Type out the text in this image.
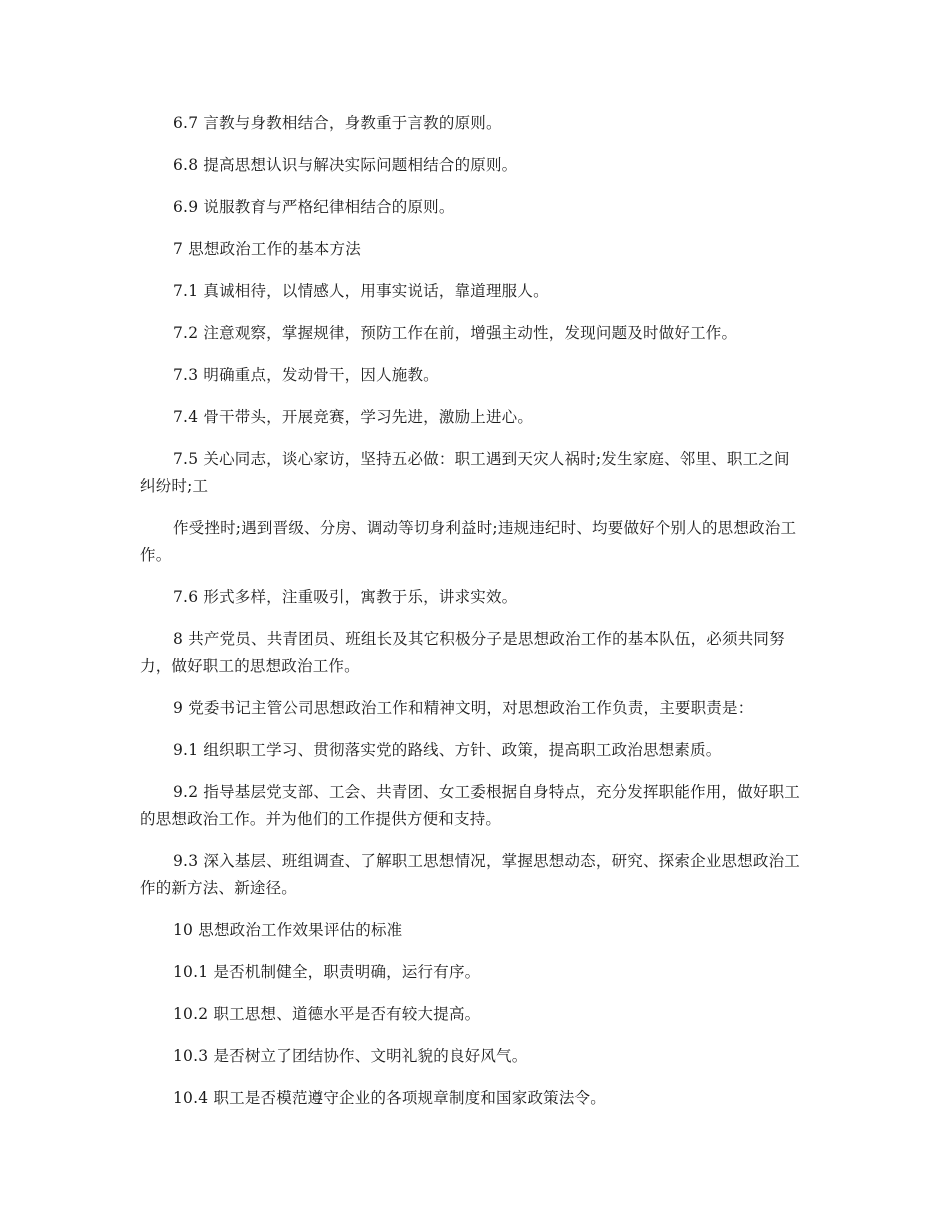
6.7 言教与身教相结合，身教重于言教的原则。

6.8 提高思想认识与解决实际问题相结合的原则。

6.9 说服教育与严格纪律相结合的原则。

7 思想政治工作的基本方法

7.1 真诚相待，以情感人，用事实说话，靠道理服人。

7.2 注意观察，掌握规律，预防工作在前，增强主动性，发现问题及时做好工作。

7.3 明确重点，发动骨干，因人施教。

7.4 骨干带头，开展竞赛，学习先进，激励上进心。

7.5 关心同志，谈心家访，坚持五必做：职工遇到天灾人祸时;发生家庭、邻里、职工之间纠纷时;工

作受挫时;遇到晋级、分房、调动等切身利益时;违规违纪时、均要做好个别人的思想政治工作。

7.6 形式多样，注重吸引，寓教于乐，讲求实效。

8 共产党员、共青团员、班组长及其它积极分子是思想政治工作的基本队伍，必须共同努力，做好职工的思想政治工作。

9 党委书记主管公司思想政治工作和精神文明，对思想政治工作负责，主要职责是：

9.1 组织职工学习、贯彻落实党的路线、方针、政策，提高职工政治思想素质。

9.2 指导基层党支部、工会、共青团、女工委根据自身特点，充分发挥职能作用，做好职工的思想政治工作。并为他们的工作提供方便和支持。

9.3 深入基层、班组调查、了解职工思想情况，掌握思想动态，研究、探索企业思想政治工作的新方法、新途径。

10 思想政治工作效果评估的标准

10.1 是否机制健全，职责明确，运行有序。

10.2 职工思想、道德水平是否有较大提高。

10.3 是否树立了团结协作、文明礼貌的良好风气。

10.4 职工是否模范遵守企业的各项规章制度和国家政策法令。
